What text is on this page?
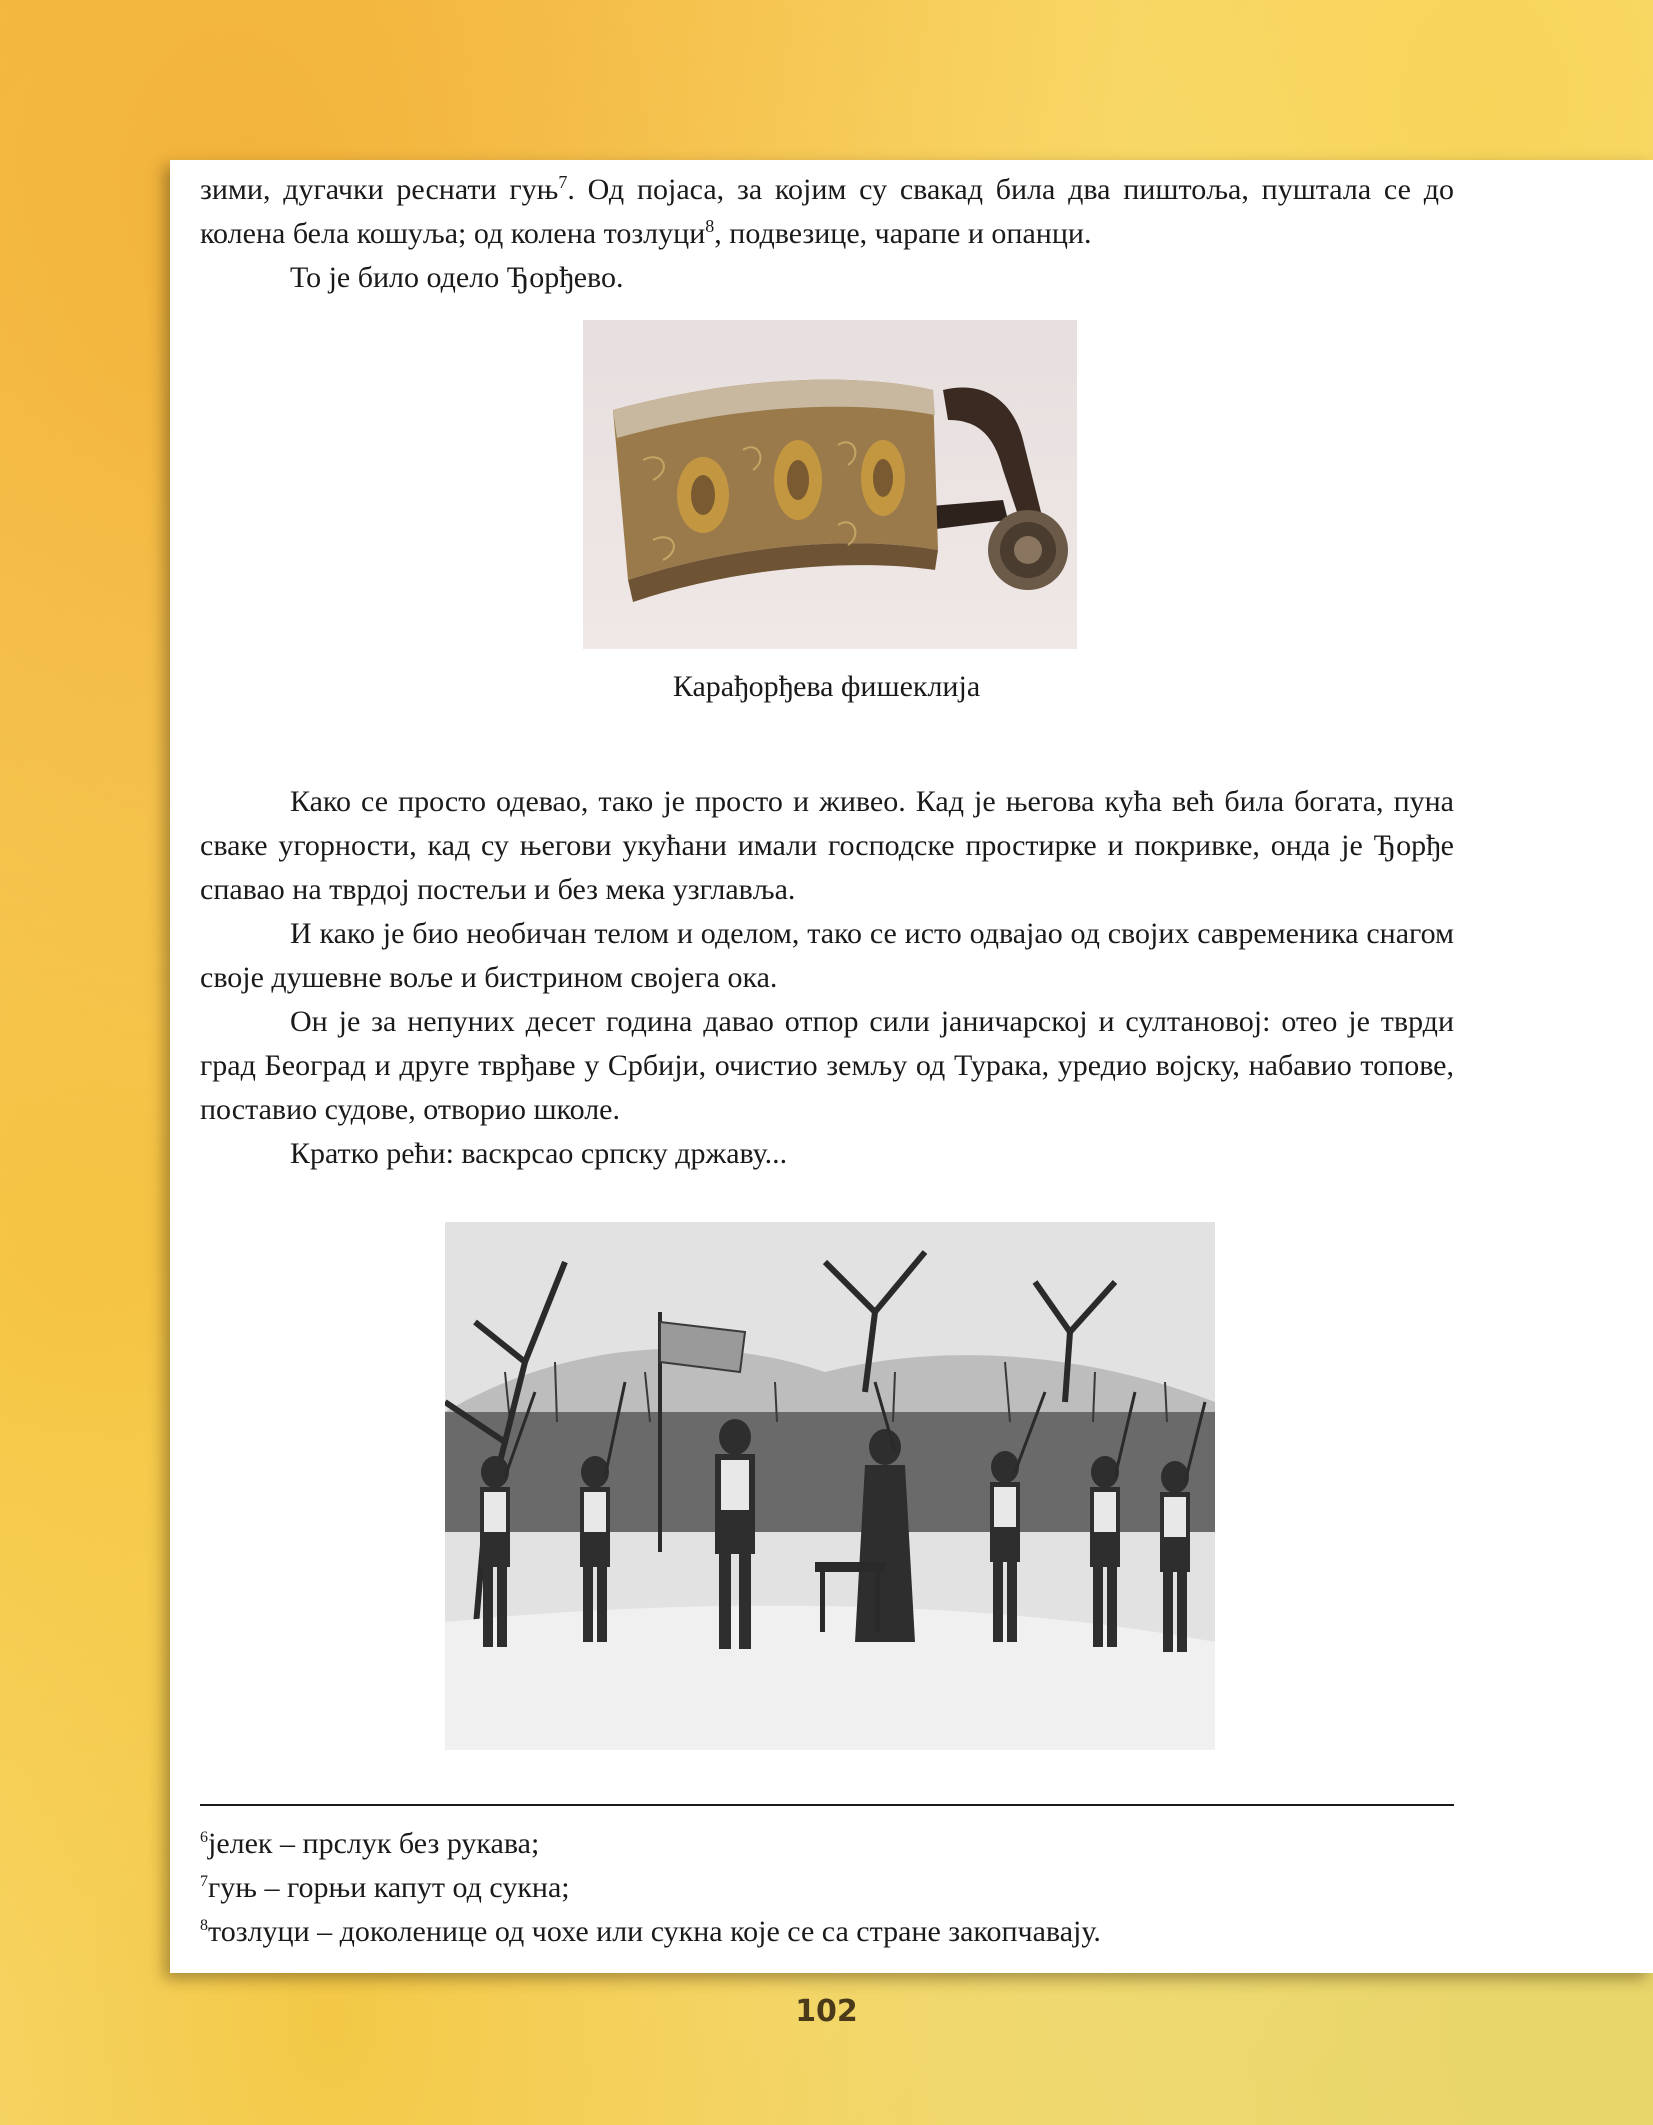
зими, дугачки реснати гуњ$^7$. Од појаса, за којим су свакад била два пиштоља, пуштала се до колена бела кошуља; од колена тозлуци$^8$, подвезице, чарапе и опанци.

То је било одело Ђорђево.

Карађорђева фишеклија

Како се просто одевао, тако је просто и живео. Кад је његова кућа већ била богата, пуна сваке угорности, кад су његови укућани имали господске простирке и покривке, онда је Ђорђе спавао на тврдој постељи и без мека узглавља.

И како је био необичан телом и оделом, тако се исто одвајао од својих савременика снагом своје душевне воље и бистрином својега ока.

Он је за непуних десет година давао отпор сили јаничарској и султановој: отео је тврди град Београд и друге тврђаве у Србији, очистио земљу од Турака, уредио војску, набавио топове, поставио судове, отворио школе.

Кратко рећи: васкрсао српску државу...

$^6$јелек – прслук без рукава;

$^7$гуњ – горњи капут од сукна;

$^8$тозлуци – доколенице од чохе или сукна које се са стране закопчавају.

102
